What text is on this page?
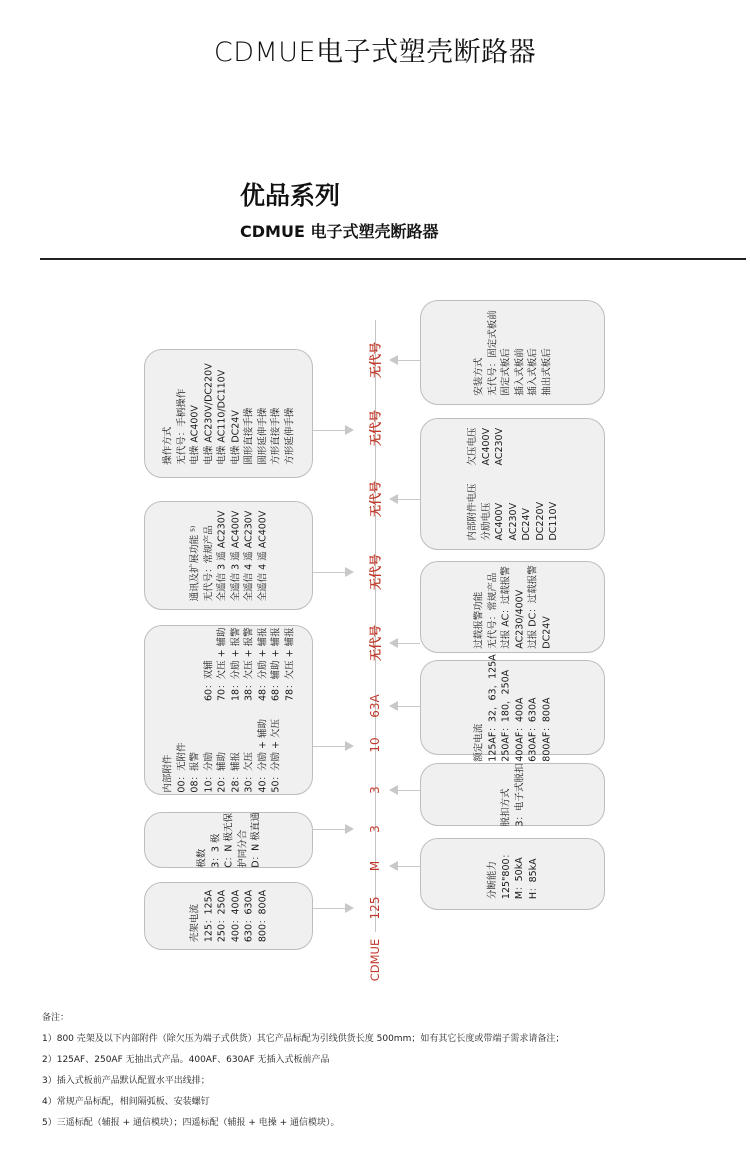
CDMUE电子式塑壳断路器
优品系列
CDMUE 电子式塑壳断路器
操作方式 无代号：手柄操作 电操 AC400V 电操 AC230V/DC220V 电操 AC110/DC110V 电操 DC24V 圆形直接手操 圆形延伸手操 方形直接手操 方形延伸手操
通讯及扩展功能 ⁵⁾ 无代号：常规产品 全遥信 3 遥 AC230V 全遥信 3 遥 AC400V 全遥信 4 遥 AC230V 全遥信 4 遥 AC400V
内部附件 00：无附件 08：报警 10：分励 20：辅助 28：辅报 30：欠压 40：分励 + 辅助 50：分励 + 欠压

60：双辅 70：欠压 + 辅助 18：分励 + 报警 38：欠压 + 报警 48：分励 + 辅报 68：辅助 + 辅报 78：欠压 + 辅报
极数 3：3 极 C：N 极无保 护同分合 D：N 极直通
壳架电流 125：125A 250：250A 400：400A 630：630A 800：800A
安装方式 无代号：固定式板前 固定式板后 插入式板前 插入式板后 抽出式板后
内部附件电压 分励电压 AC400V AC230V DC24V DC220V DC110V
欠压电压 AC400V AC230V
过载报警功能 无代号：常规产品 过报 AC：过载报警 AC230/400V 过报 DC：过载报警 DC24V
额定电流 125AF：32，63，125A 250AF：180，250A 400AF：400A 630AF：630A 800AF：800A
脱扣方式 3：电子式脱扣
分断能力 125"800： M：50kA H：85kA
无代号
无代号
无代号
无代号
无代号
63A
10
3
3
M
125
CDMUE
备注：
1）800 壳架及以下内部附件（除欠压为端子式供货）其它产品标配为引线供货长度 500mm；如有其它长度或带端子需求请备注；
2）125AF、250AF 无抽出式产品。400AF、630AF 无插入式板前产品
3）插入式板前产品默认配置水平出线排；
4）常规产品标配，相间隔弧板、安装螺钉
5）三遥标配（辅报 + 通信模块）；四遥标配（辅报 + 电操 + 通信模块）。
